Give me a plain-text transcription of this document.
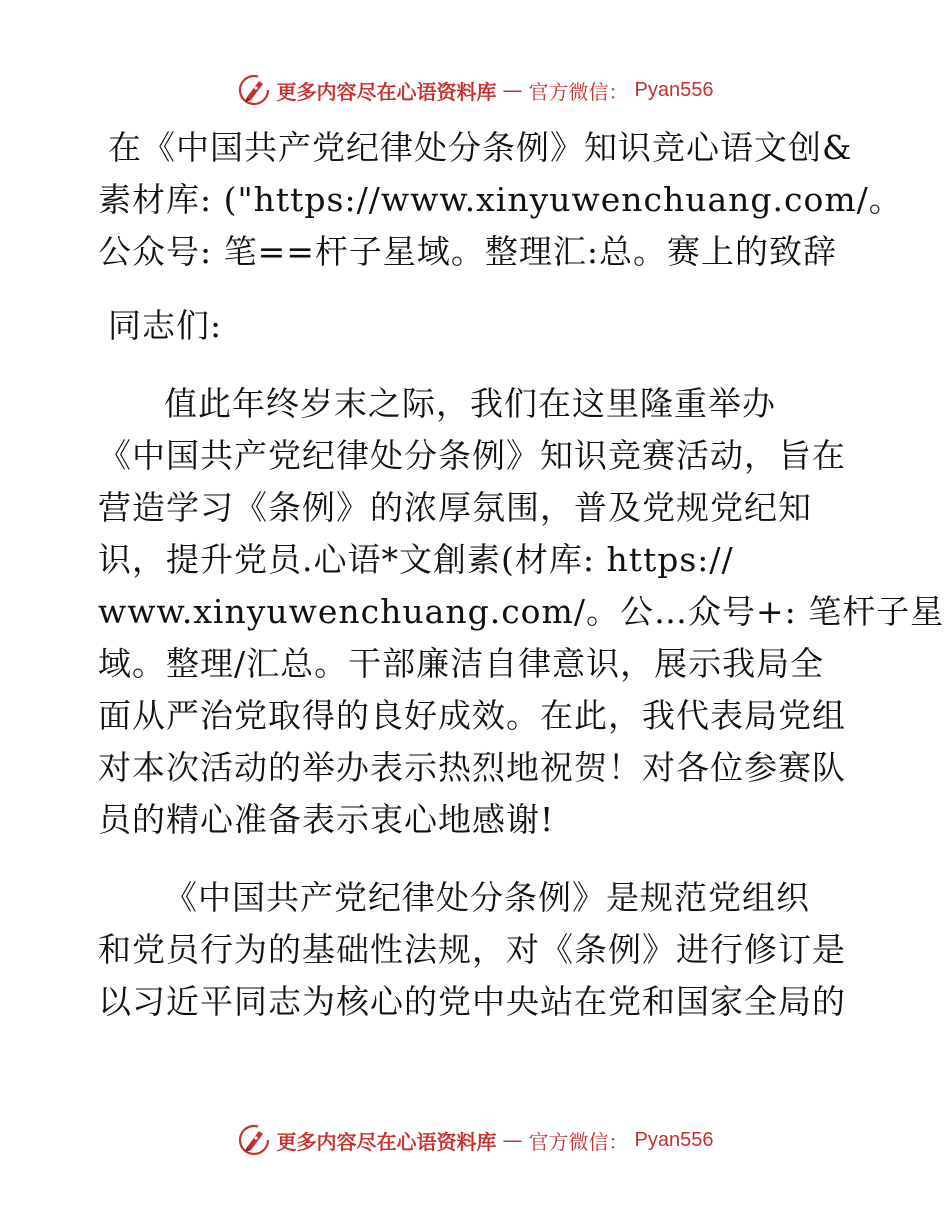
更多内容尽在心语资料库 — 官方微信： Pyan556
在《中国共产党纪律处分条例》知识竞心语文创&
素材库: ("https://www.xinyuwenchuang.com/。
公众号: 笔==杆子星域。整理汇:总。赛上的致辞
同志们:
值此年终岁末之际，我们在这里隆重举办
《中国共产党纪律处分条例》知识竞赛活动，旨在
营造学习《条例》的浓厚氛围，普及党规党纪知
识，提升党员.心语*文創素(材库: https://
www.xinyuwenchuang.com/。公…众号+: 笔杆子星
域。整理/汇总。干部廉洁自律意识，展示我局全
面从严治党取得的良好成效。在此，我代表局党组
对本次活动的举办表示热烈地祝贺！对各位参赛队
员的精心准备表示衷心地感谢!
《中国共产党纪律处分条例》是规范党组织
和党员行为的基础性法规，对《条例》进行修订是
以习近平同志为核心的党中央站在党和国家全局的
更多内容尽在心语资料库 — 官方微信： Pyan556
